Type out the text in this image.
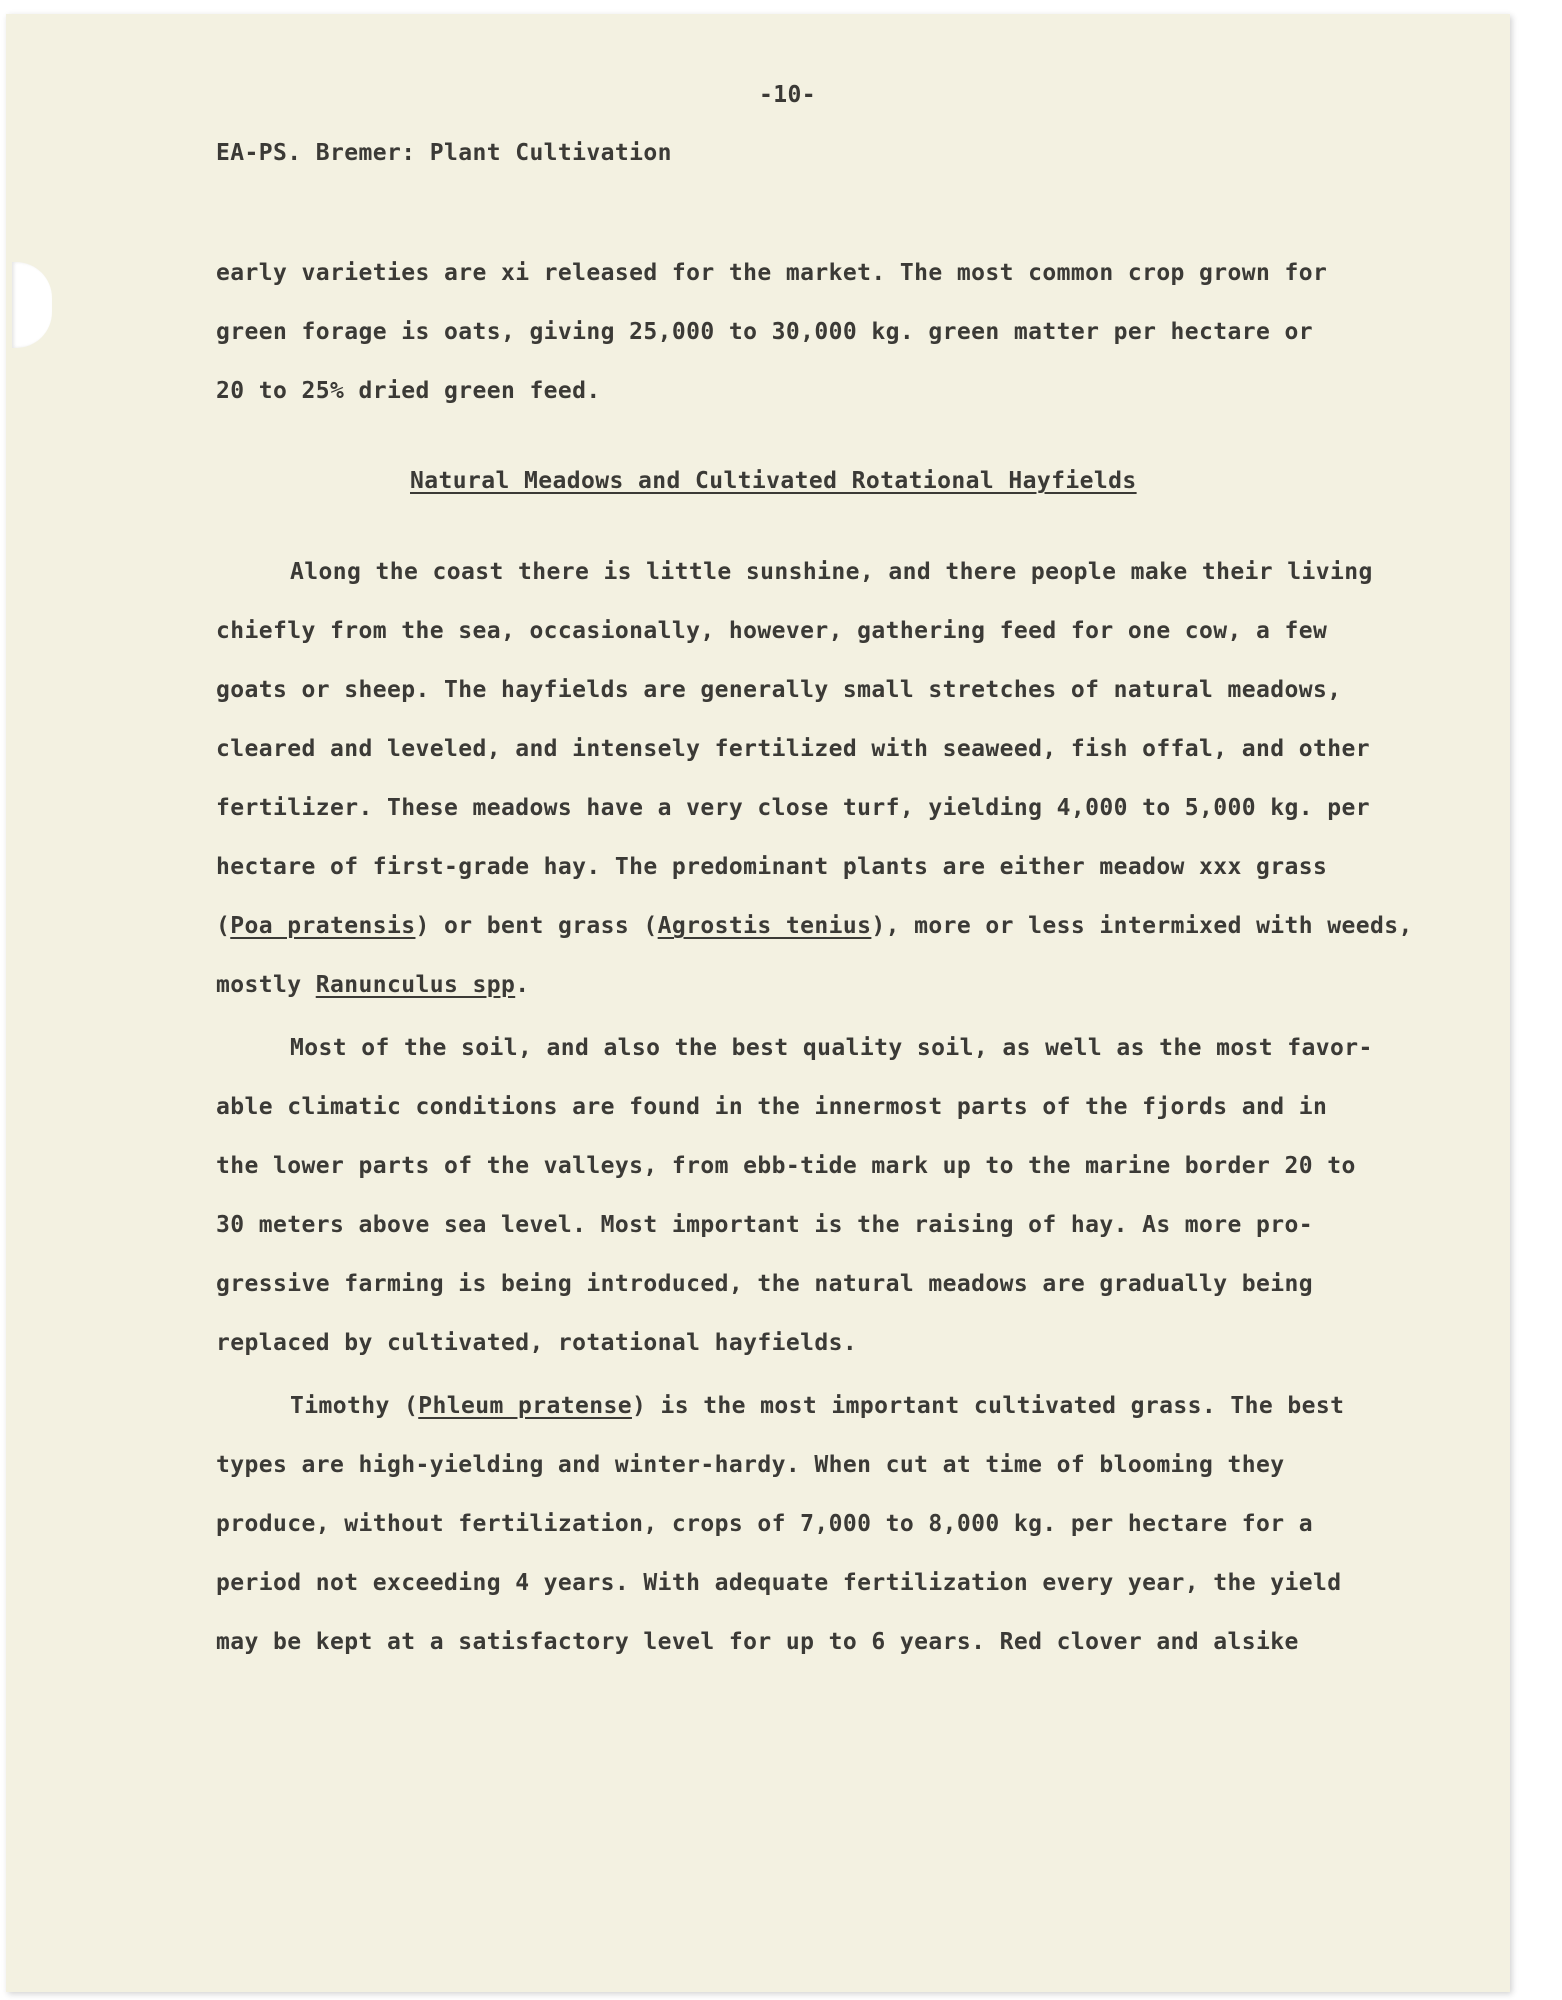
-10-
EA-PS. Bremer: Plant Cultivation
early varieties are xi released for the market. The most common crop grown for
green forage is oats, giving 25,000 to 30,000 kg. green matter per hectare or
20 to 25% dried green feed.
Natural Meadows and Cultivated Rotational Hayfields
Along the coast there is little sunshine, and there people make their living
chiefly from the sea, occasionally, however, gathering feed for one cow, a few
goats or sheep. The hayfields are generally small stretches of natural meadows,
cleared and leveled, and intensely fertilized with seaweed, fish offal, and other
fertilizer. These meadows have a very close turf, yielding 4,000 to 5,000 kg. per
hectare of first-grade hay. The predominant plants are either meadow xxx grass
(Poa pratensis) or bent grass (Agrostis tenius), more or less intermixed with weeds,
mostly Ranunculus spp.
Most of the soil, and also the best quality soil, as well as the most favor-
able climatic conditions are found in the innermost parts of the fjords and in
the lower parts of the valleys, from ebb-tide mark up to the marine border 20 to
30 meters above sea level. Most important is the raising of hay. As more pro-
gressive farming is being introduced, the natural meadows are gradually being
replaced by cultivated, rotational hayfields.
Timothy (Phleum pratense) is the most important cultivated grass. The best
types are high-yielding and winter-hardy. When cut at time of blooming they
produce, without fertilization, crops of 7,000 to 8,000 kg. per hectare for a
period not exceeding 4 years. With adequate fertilization every year, the yield
may be kept at a satisfactory level for up to 6 years. Red clover and alsike
